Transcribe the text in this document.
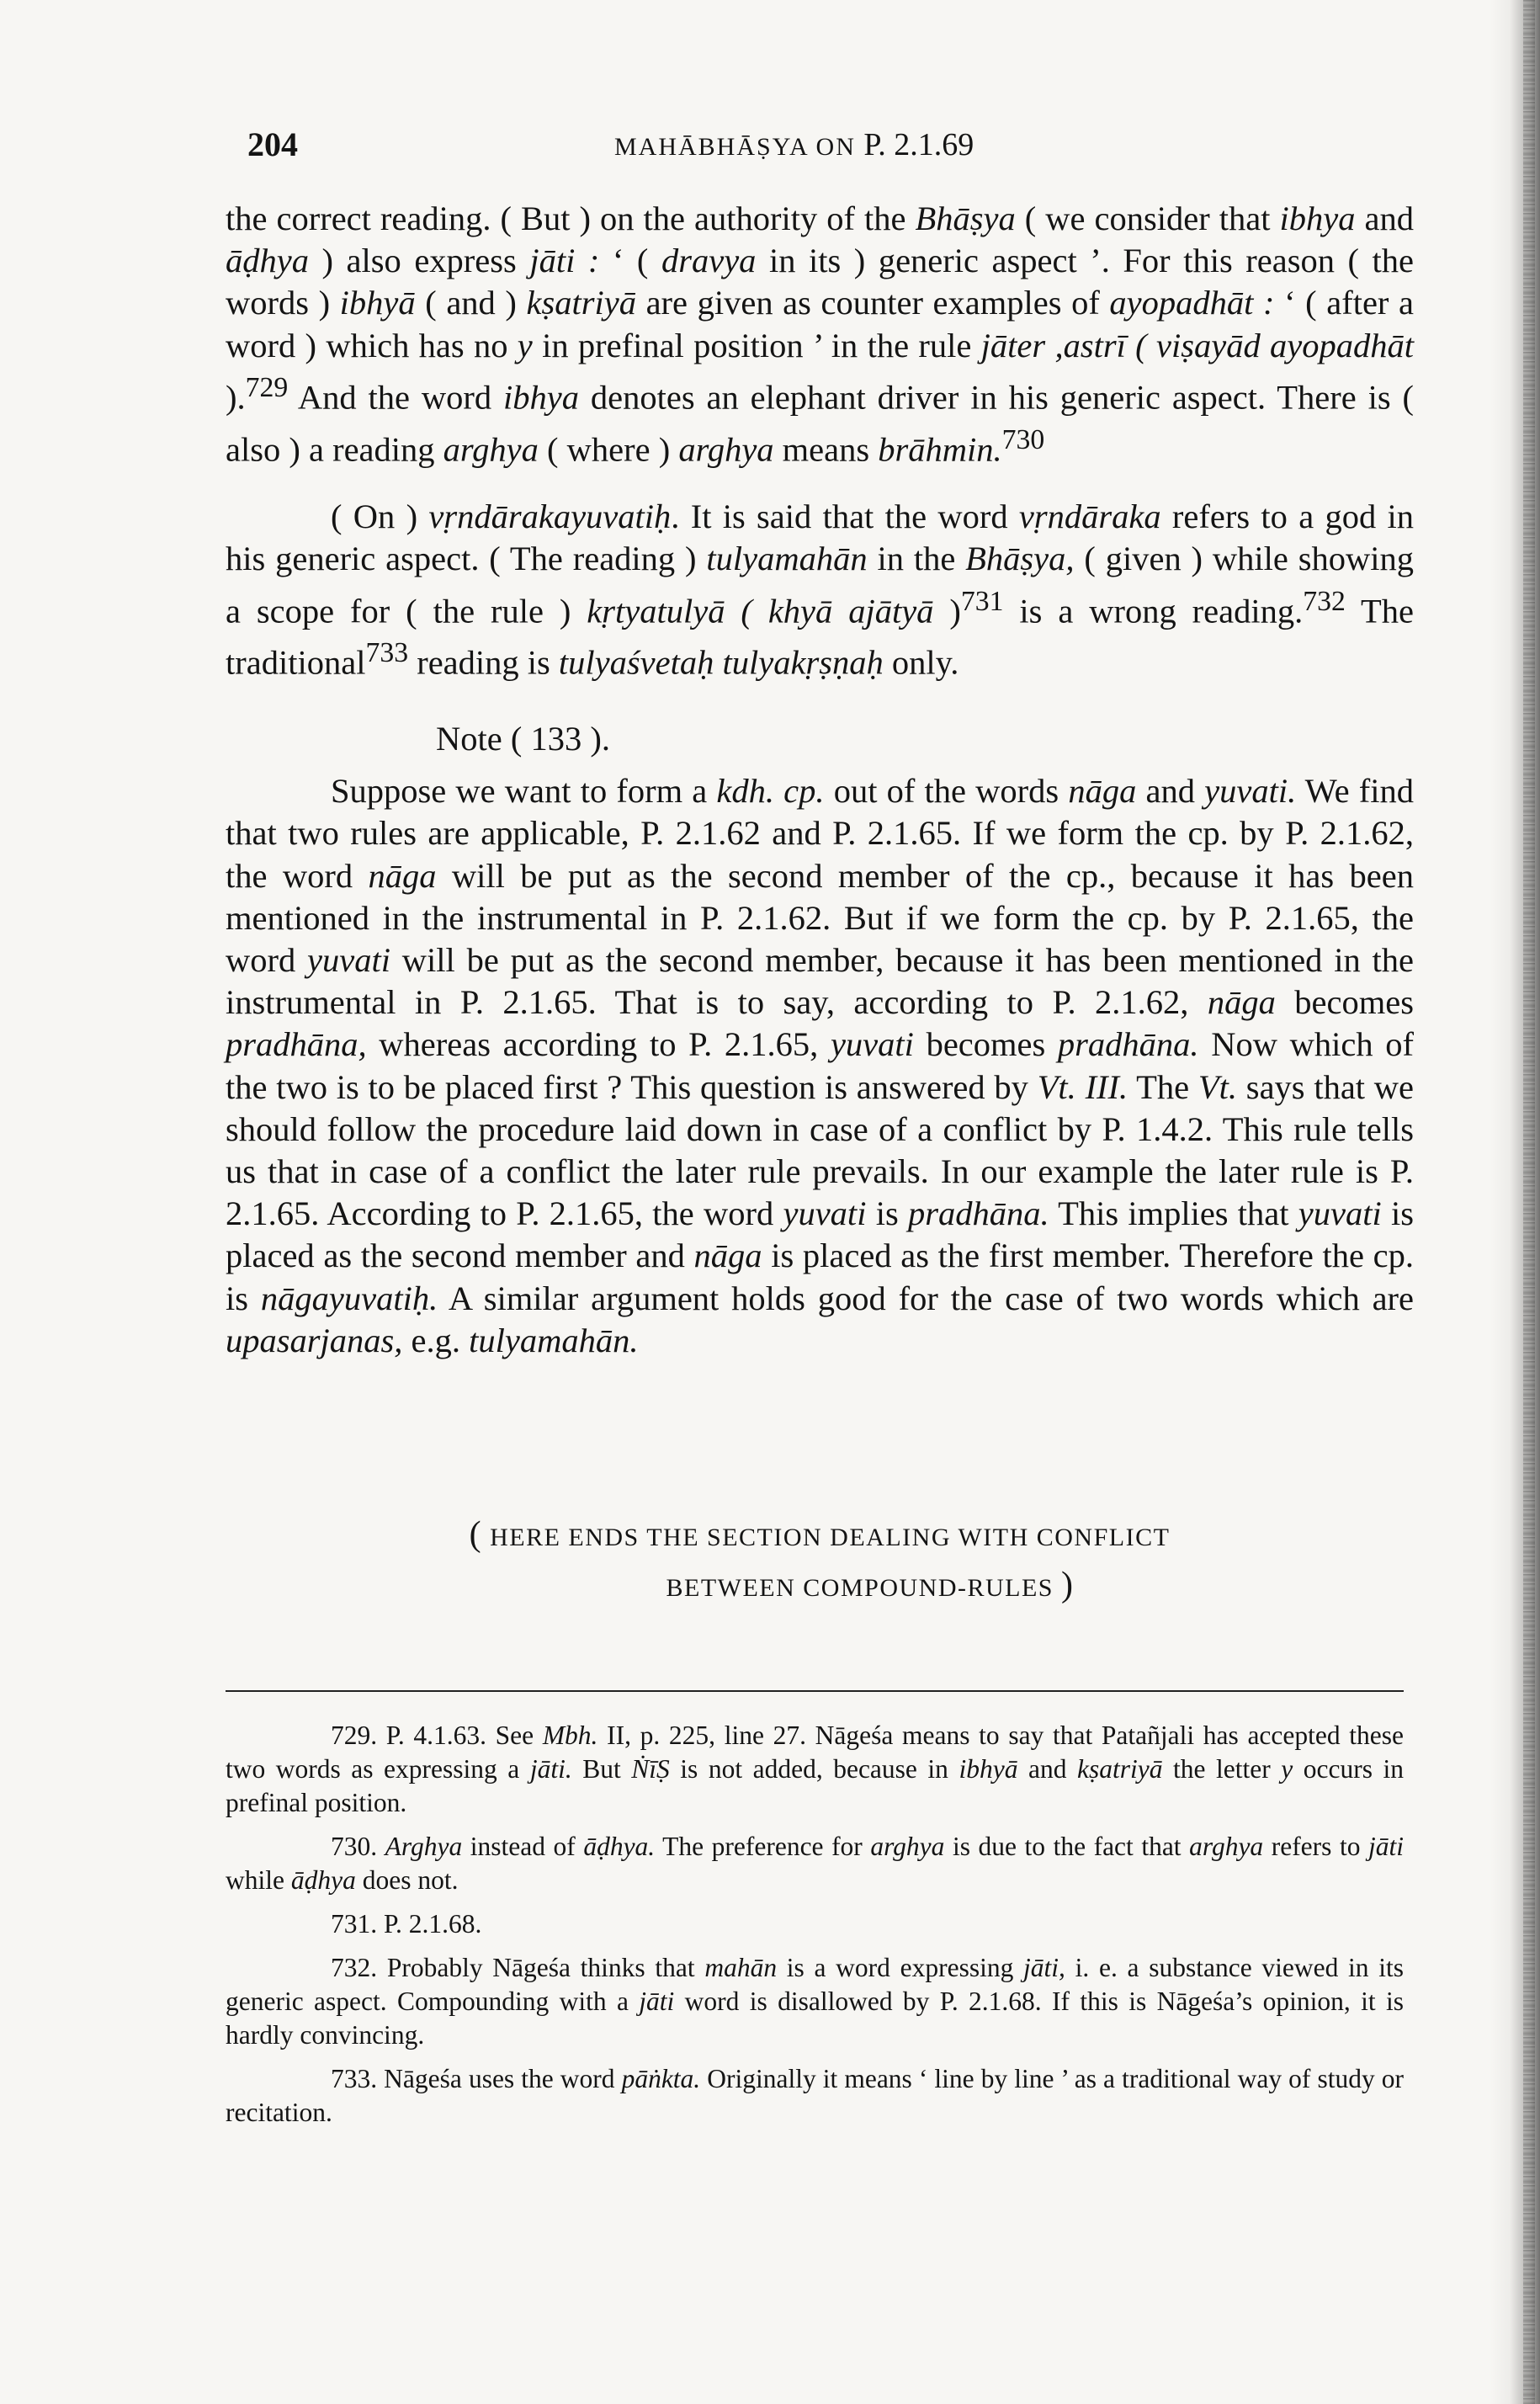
204	MAHĀBHĀṢYA ON P. 2.1.69

the correct reading. ( But ) on the authority of the Bhāṣya ( we consider that ibhya and āḍhya ) also express jāti : ‘ ( dravya in its ) generic aspect ’. For this reason ( the words ) ibhyā ( and ) kṣatriyā are given as counter examples of ayopadhāt : ‘ ( after a word ) which has no y in prefinal position ’ in the rule jāter ,astrī ( viṣayād ayopadhāt ).$^{729}$ And the word ibhya denotes an elephant driver in his generic aspect. There is ( also ) a reading arghya ( where ) arghya means brāhmin.$^{730}$

( On ) vṛndārakayuvatiḥ. It is said that the word vṛndāraka refers to a god in his generic aspect. ( The reading ) tulyamahān in the Bhāṣya, ( given ) while showing a scope for ( the rule ) kṛtyatulyā ( khyā ajātyā )$^{731}$ is a wrong reading.$^{732}$ The traditional$^{733}$ reading is tulyaśvetaḥ tulyakṛṣṇaḥ only.

Note ( 133 ).

Suppose we want to form a kdh. cp. out of the words nāga and yuvati. We find that two rules are applicable, P. 2.1.62 and P. 2.1.65. If we form the cp. by P. 2.1.62, the word nāga will be put as the second member of the cp., because it has been mentioned in the instrumental in P. 2.1.62. But if we form the cp. by P. 2.1.65, the word yuvati will be put as the second member, because it has been mentioned in the instrumental in P. 2.1.65. That is to say, according to P. 2.1.62, nāga becomes pradhāna, whereas according to P. 2.1.65, yuvati becomes pradhāna. Now which of the two is to be placed first ? This question is answered by Vt. III. The Vt. says that we should follow the procedure laid down in case of a conflict by P. 1.4.2. This rule tells us that in case of a conflict the later rule prevails. In our example the later rule is P. 2.1.65. According to P. 2.1.65, the word yuvati is pradhāna. This implies that yuvati is placed as the second member and nāga is placed as the first member. Therefore the cp. is nāgayuvatiḥ. A similar argument holds good for the case of two words which are upasarjanas, e.g. tulyamahān.

( HERE ENDS THE SECTION DEALING WITH CONFLICT
BETWEEN COMPOUND-RULES )

729. P. 4.1.63. See Mbh. II, p. 225, line 27. Nāgeśa means to say that Patañjali has accepted these two words as expressing a jāti. But ṄīṢ is not added, because in ibhyā and kṣatriyā the letter y occurs in prefinal position.

730. Arghya instead of āḍhya. The preference for arghya is due to the fact that arghya refers to jāti while āḍhya does not.

731. P. 2.1.68.

732. Probably Nāgeśa thinks that mahān is a word expressing jāti, i. e. a substance viewed in its generic aspect. Compounding with a jāti word is disallowed by P. 2.1.68. If this is Nāgeśa’s opinion, it is hardly convincing.

733. Nāgeśa uses the word pāṅkta. Originally it means ‘ line by line ’ as a traditional way of study or recitation.
